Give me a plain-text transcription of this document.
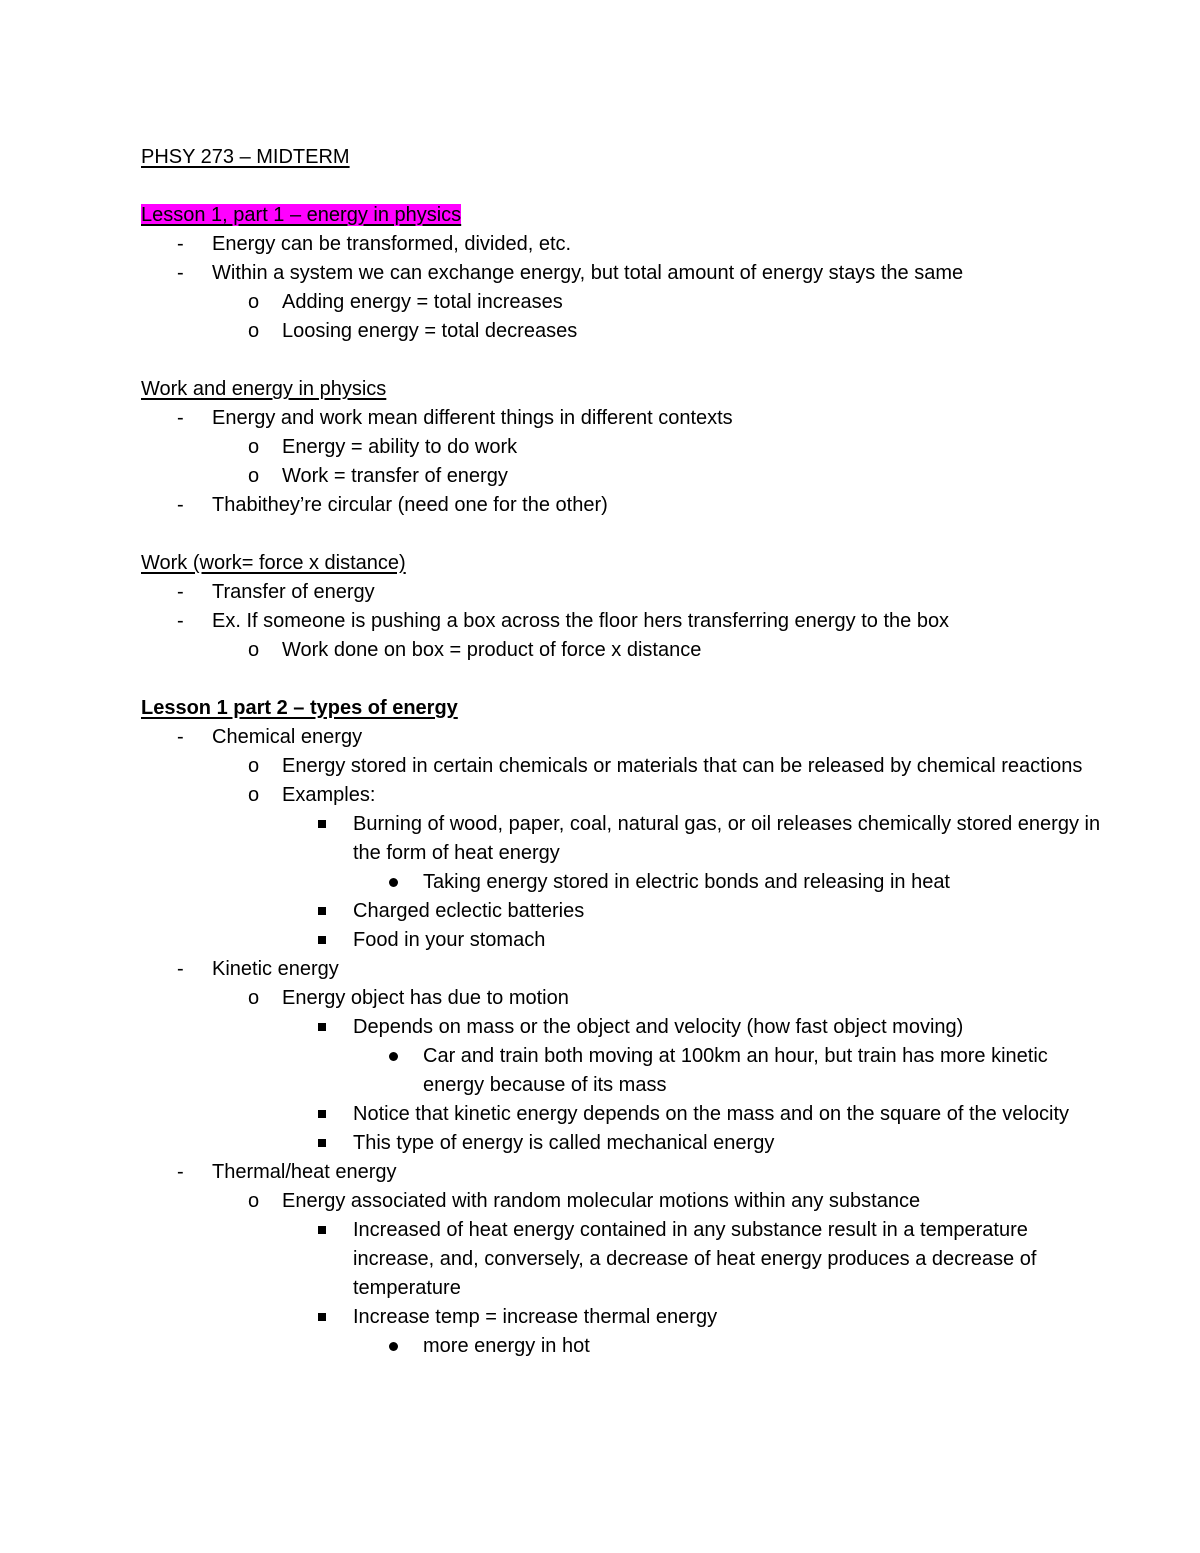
PHSY 273 – MIDTERM
Lesson 1, part 1 – energy in physics
- Energy can be transformed, divided, etc.
- Within a system we can exchange energy, but total amount of energy stays the same
o Adding energy = total increases
o Loosing energy = total decreases
Work and energy in physics
- Energy and work mean different things in different contexts
o Energy = ability to do work
o Work = transfer of energy
- Thabithey’re circular (need one for the other)
Work (work= force x distance)
- Transfer of energy
- Ex. If someone is pushing a box across the floor hers transferring energy to the box
o Work done on box = product of force x distance
Lesson 1 part 2 – types of energy
- Chemical energy
o Energy stored in certain chemicals or materials that can be released by chemical reactions
o Examples:
Burning of wood, paper, coal, natural gas, or oil releases chemically stored energy in the form of heat energy
Taking energy stored in electric bonds and releasing in heat
Charged eclectic batteries
Food in your stomach
- Kinetic energy
o Energy object has due to motion
Depends on mass or the object and velocity (how fast object moving)
Car and train both moving at 100km an hour, but train has more kinetic energy because of its mass
Notice that kinetic energy depends on the mass and on the square of the velocity
This type of energy is called mechanical energy
- Thermal/heat energy
o Energy associated with random molecular motions within any substance
Increased of heat energy contained in any substance result in a temperature increase, and, conversely, a decrease of heat energy produces a decrease of temperature
Increase temp = increase thermal energy
more energy in hot
